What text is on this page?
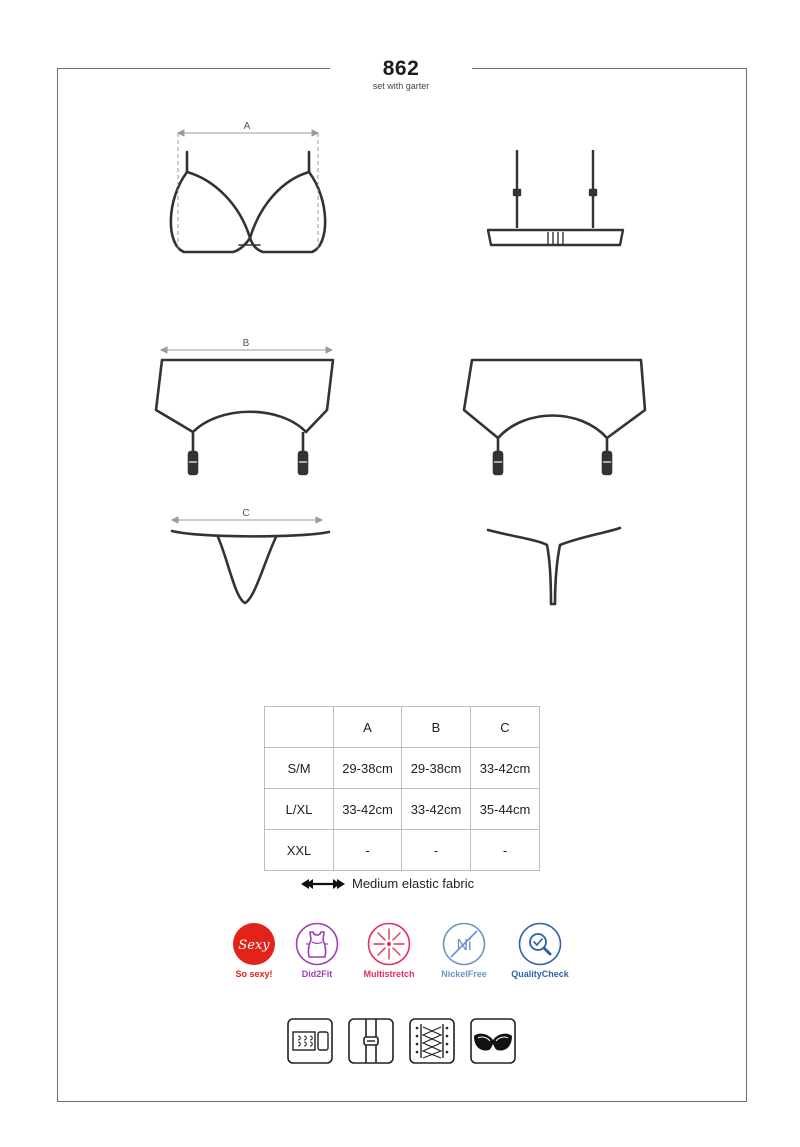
862
set with garter
A
B
C
	A	B	C
S/M	29-38cm	29-38cm	33-42cm
L/XL	33-42cm	33-42cm	35-44cm
XXL	-	-	-
Medium elastic fabric
Sexy
So sexy!	Did2Fit	Multistretch
Ni
NickelFree	QualityCheck
